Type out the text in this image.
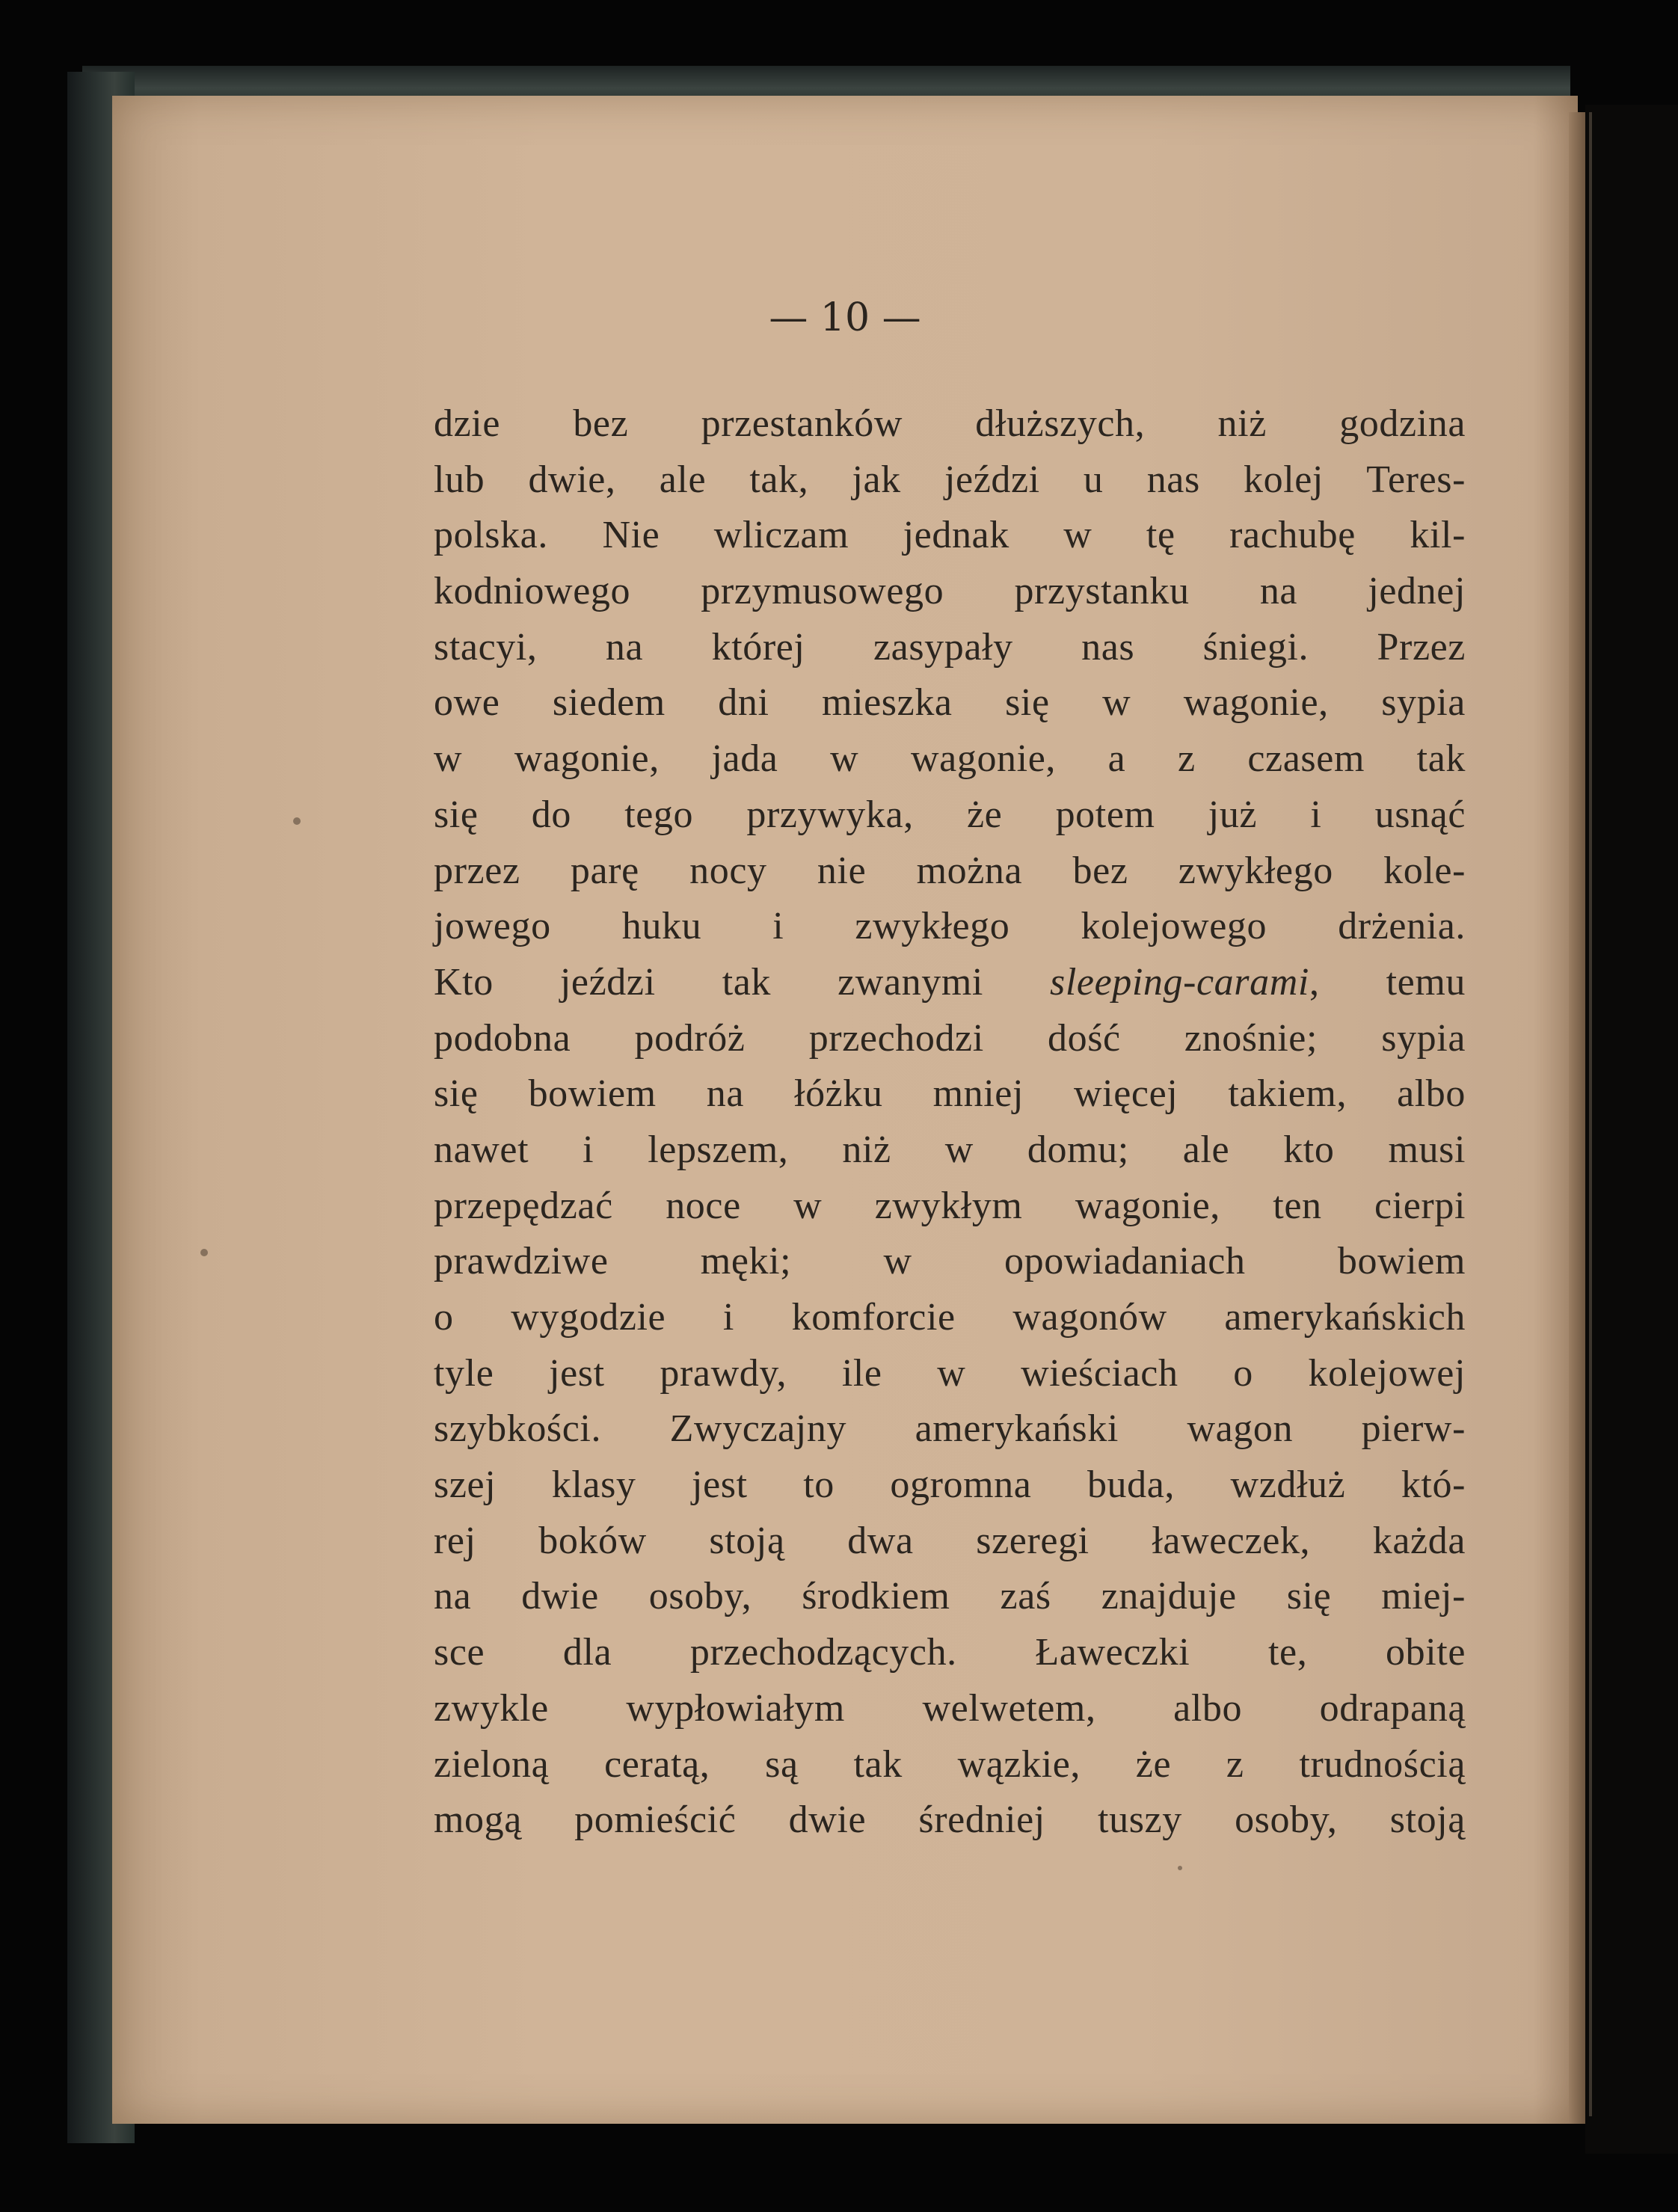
— 10 —
dzie bez przestanków dłuższych, niż godzina
lub dwie, ale tak, jak jeździ u nas kolej Teres-
polska. Nie wliczam jednak w tę rachubę kil-
kodniowego przymusowego przystanku na jednej
stacyi, na której zasypały nas śniegi. Przez
owe siedem dni mieszka się w wagonie, sypia
w wagonie, jada w wagonie, a z czasem tak
się do tego przywyka, że potem już i usnąć
przez parę nocy nie można bez zwykłego kole-
jowego huku i zwykłego kolejowego drżenia.
Kto jeździ tak zwanymi sleeping-carami, temu
podobna podróż przechodzi dość znośnie; sypia
się bowiem na łóżku mniej więcej takiem, albo
nawet i lepszem, niż w domu; ale kto musi
przepędzać noce w zwykłym wagonie, ten cierpi
prawdziwe męki; w opowiadaniach bowiem
o wygodzie i komforcie wagonów amerykańskich
tyle jest prawdy, ile w wieściach o kolejowej
szybkości. Zwyczajny amerykański wagon pierw-
szej klasy jest to ogromna buda, wzdłuż któ-
rej boków stoją dwa szeregi ławeczek, każda
na dwie osoby, środkiem zaś znajduje się miej-
sce dla przechodzących. Ławeczki te, obite
zwykle wypłowiałym welwetem, albo odrapaną
zieloną ceratą, są tak wązkie, że z trudnością
mogą pomieścić dwie średniej tuszy osoby, stoją
